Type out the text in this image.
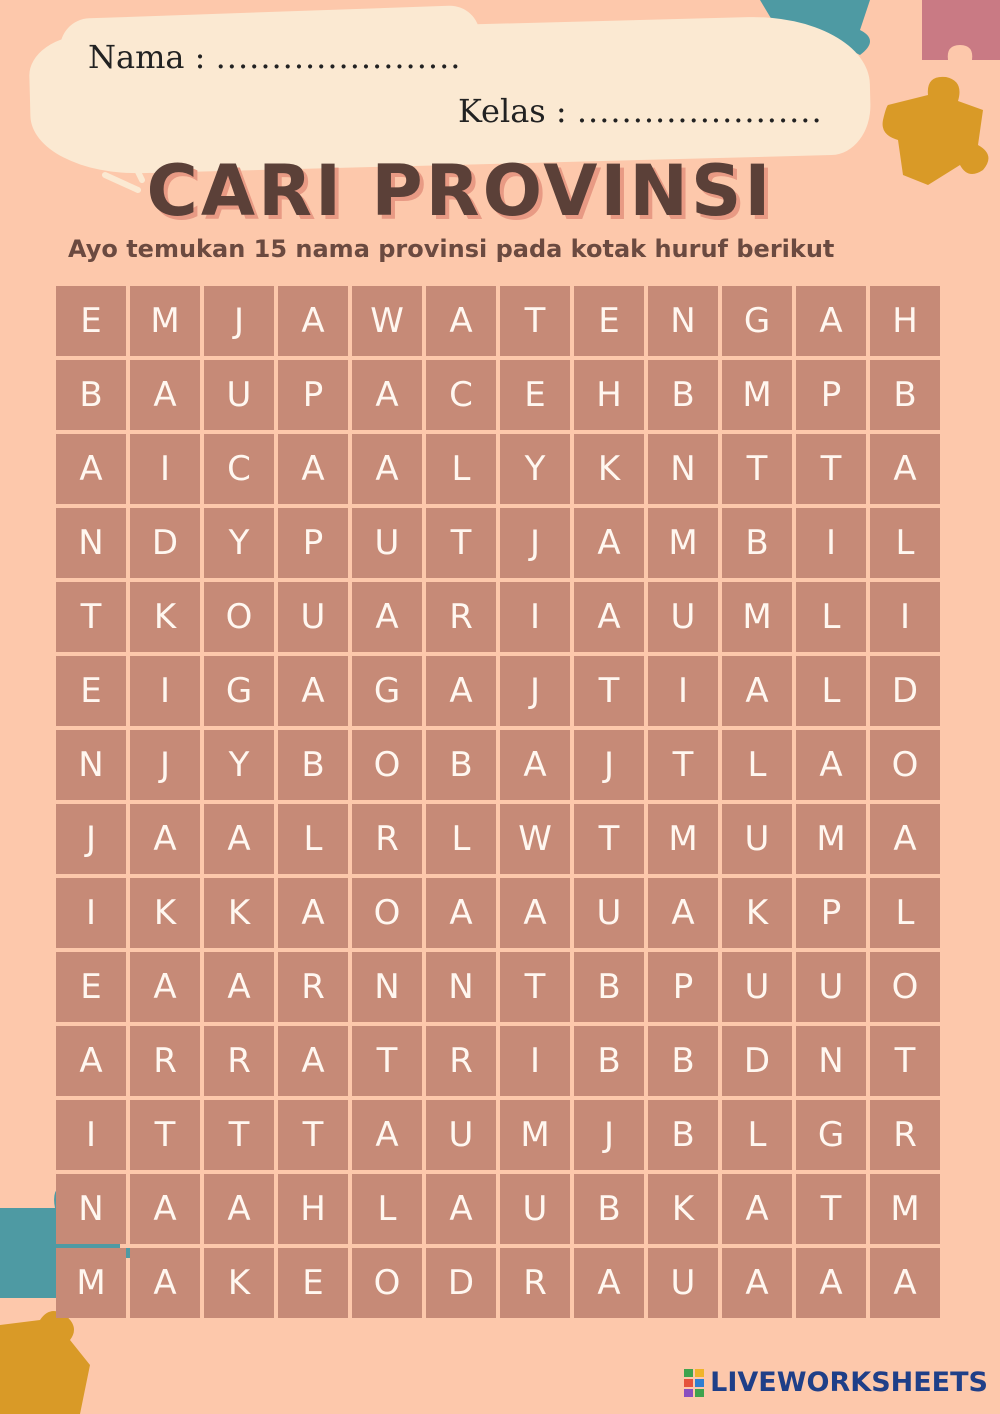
Nama : ......................
Kelas : ......................
CARI PROVINSI
Ayo temukan 15 nama provinsi pada kotak huruf berikut
E	M	J	A	W	A	T	E	N	G	A	H
B	A	U	P	A	C	E	H	B	M	P	B
A	I	C	A	A	L	Y	K	N	T	T	A
N	D	Y	P	U	T	J	A	M	B	I	L
T	K	O	U	A	R	I	A	U	M	L	I
E	I	G	A	G	A	J	T	I	A	L	D
N	J	Y	B	O	B	A	J	T	L	A	O
J	A	A	L	R	L	W	T	M	U	M	A
I	K	K	A	O	A	A	U	A	K	P	L
E	A	A	R	N	N	T	B	P	U	U	O
A	R	R	A	T	R	I	B	B	D	N	T
I	T	T	T	A	U	M	J	B	L	G	R
N	A	A	H	L	A	U	B	K	A	T	M
M	A	K	E	O	D	R	A	U	A	A	A
LIVEWORKSHEETS
